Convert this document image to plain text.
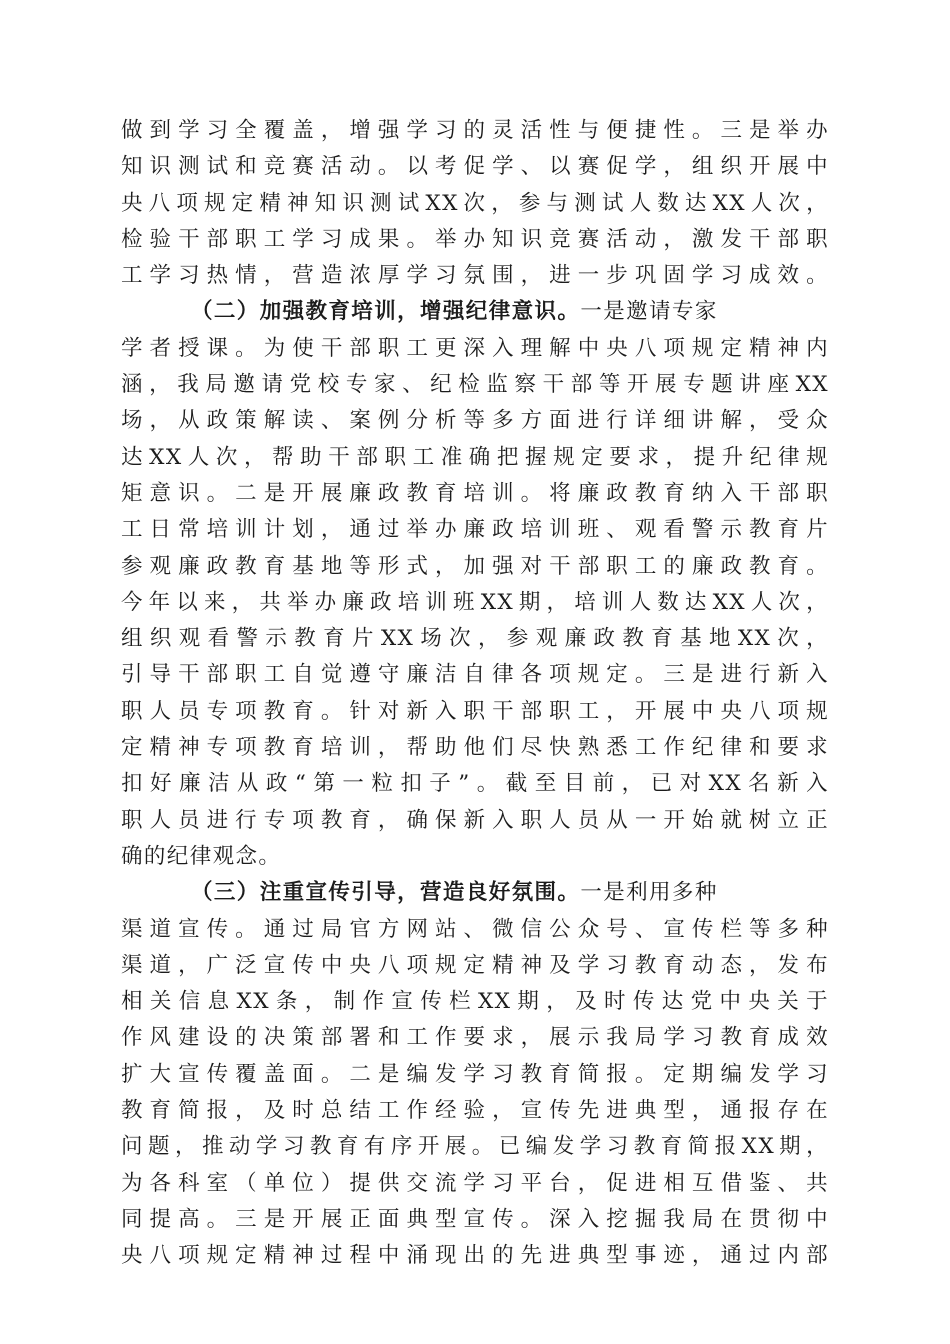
做到学习全覆盖，增强学习的灵活性与便捷性。三是举办
知识测试和竞赛活动。以考促学、以赛促学，组织开展中
央八项规定精神知识测试XX次，参与测试人数达XX人次，
检验干部职工学习成果。举办知识竞赛活动，激发干部职
工学习热情，营造浓厚学习氛围，进一步巩固学习成效。
（二）加强教育培训，增强纪律意识。一是邀请专家
学者授课。为使干部职工更深入理解中央八项规定精神内
涵，我局邀请党校专家、纪检监察干部等开展专题讲座XX
场，从政策解读、案例分析等多方面进行详细讲解，受众
达XX人次，帮助干部职工准确把握规定要求，提升纪律规
矩意识。二是开展廉政教育培训。将廉政教育纳入干部职
工日常培训计划，通过举办廉政培训班、观看警示教育片
参观廉政教育基地等形式，加强对干部职工的廉政教育。
今年以来，共举办廉政培训班XX期，培训人数达XX人次，
组织观看警示教育片XX场次，参观廉政教育基地XX次，
引导干部职工自觉遵守廉洁自律各项规定。三是进行新入
职人员专项教育。针对新入职干部职工，开展中央八项规
定精神专项教育培训，帮助他们尽快熟悉工作纪律和要求
扣好廉洁从政“第一粒扣子”。截至目前，已对XX名新入
职人员进行专项教育，确保新入职人员从一开始就树立正
确的纪律观念。
（三）注重宣传引导，营造良好氛围。一是利用多种
渠道宣传。通过局官方网站、微信公众号、宣传栏等多种
渠道，广泛宣传中央八项规定精神及学习教育动态，发布
相关信息XX条，制作宣传栏XX期，及时传达党中央关于
作风建设的决策部署和工作要求，展示我局学习教育成效
扩大宣传覆盖面。二是编发学习教育简报。定期编发学习
教育简报，及时总结工作经验，宣传先进典型，通报存在
问题，推动学习教育有序开展。已编发学习教育简报XX期，
为各科室（单位）提供交流学习平台，促进相互借鉴、共
同提高。三是开展正面典型宣传。深入挖掘我局在贯彻中
央八项规定精神过程中涌现出的先进典型事迹，通过内部
